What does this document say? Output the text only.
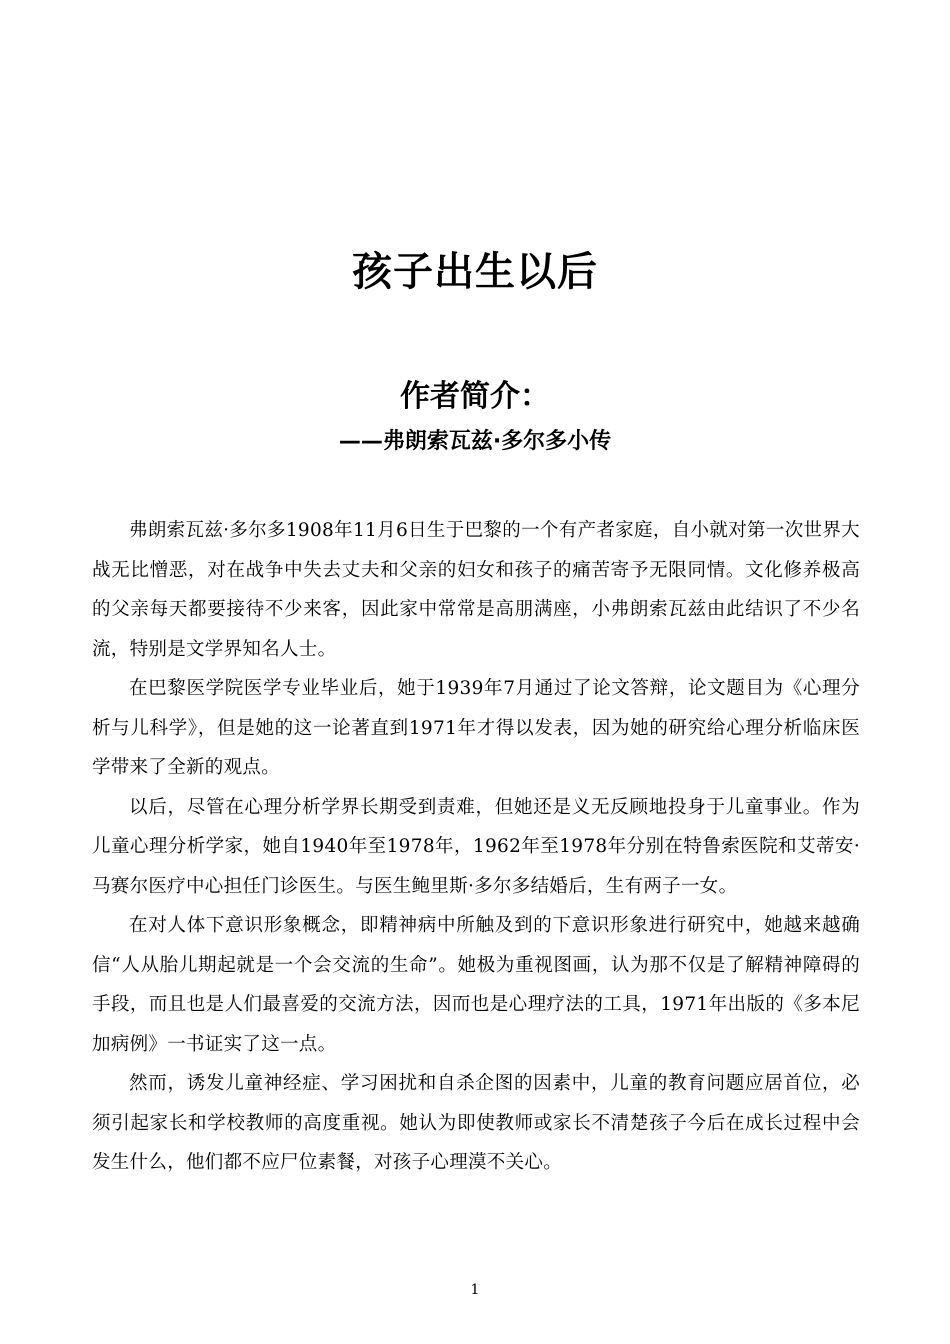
孩子出生以后
作者简介：
——弗朗索瓦兹·多尔多小传

弗朗索瓦兹·多尔多1908年11月6日生于巴黎的一个有产者家庭，自小就对第一次世界大战无比憎恶，对在战争中失去丈夫和父亲的妇女和孩子的痛苦寄予无限同情。文化修养极高的父亲每天都要接待不少来客，因此家中常常是高朋满座，小弗朗索瓦兹由此结识了不少名流，特别是文学界知名人士。

在巴黎医学院医学专业毕业后，她于1939年7月通过了论文答辩，论文题目为《心理分析与儿科学》，但是她的这一论著直到1971年才得以发表，因为她的研究给心理分析临床医学带来了全新的观点。

以后，尽管在心理分析学界长期受到责难，但她还是义无反顾地投身于儿童事业。作为儿童心理分析学家，她自1940年至1978年，1962年至1978年分别在特鲁索医院和艾蒂安·马赛尔医疗中心担任门诊医生。与医生鲍里斯·多尔多结婚后，生有两子一女。

在对人体下意识形象概念，即精神病中所触及到的下意识形象进行研究中，她越来越确信“人从胎儿期起就是一个会交流的生命”。她极为重视图画，认为那不仅是了解精神障碍的手段，而且也是人们最喜爱的交流方法，因而也是心理疗法的工具，1971年出版的《多本尼加病例》一书证实了这一点。

然而，诱发儿童神经症、学习困扰和自杀企图的因素中，儿童的教育问题应居首位，必须引起家长和学校教师的高度重视。她认为即使教师或家长不清楚孩子今后在成长过程中会发生什么，他们都不应尸位素餐，对孩子心理漠不关心。

1
